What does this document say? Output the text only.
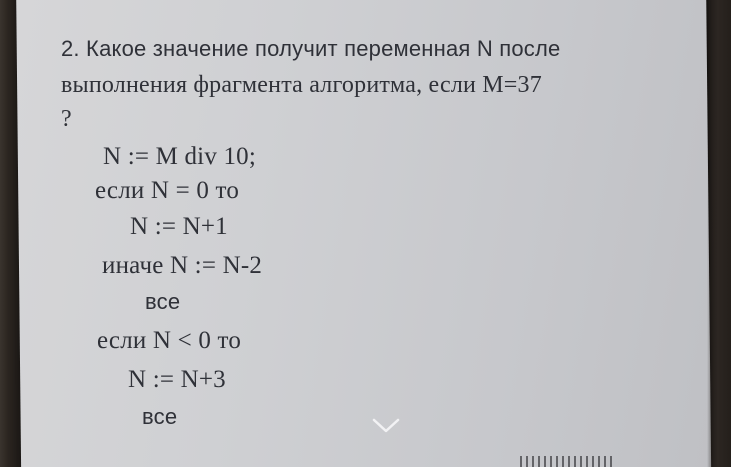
2. Какое значение получит переменная N после
выполнения фрагмента алгоритма, если M=37
?
N := M div 10;
если N = 0 то
N := N+1
иначе N := N-2
все
если N < 0 то
N := N+3
все
